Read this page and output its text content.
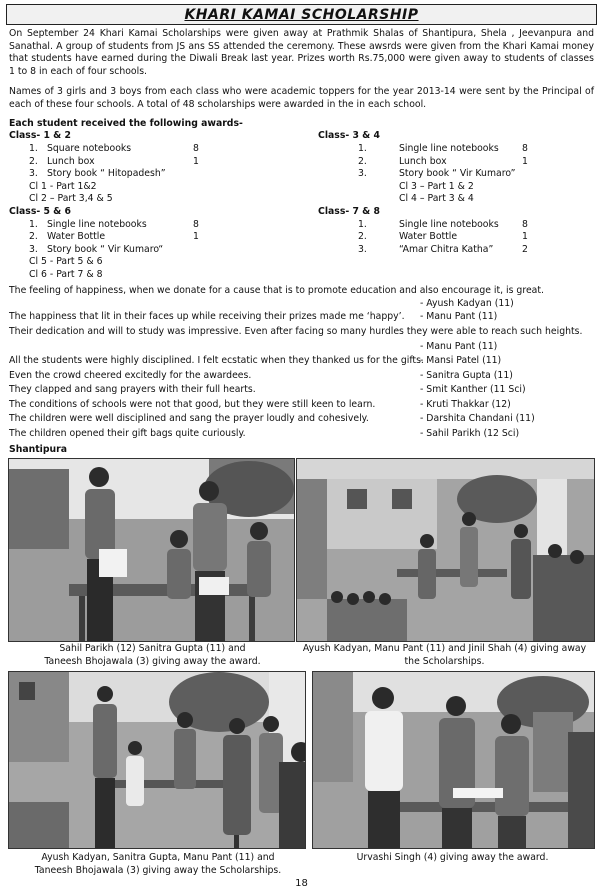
KHARI KAMAI SCHOLARSHIP
On September 24 Khari Kamai Scholarships were given away at Prathmik Shalas of Shantipura, Shela , Jeevanpura and Sanathal. A group of students from JS ans SS attended the ceremony. These awsrds were given from the Khari Kamai money that students have earned during the Diwali Break last year. Prizes worth Rs.75,000 were given away to students of classes 1 to 8 in each of four schools.
Names of 3 girls and 3 boys from each class who were academic toppers for the year 2013-14 were sent by the Principal of each of these four schools. A total of 48 scholarships were awarded in the in each school.
Each student received the following awards-
Class- 1 & 2
1. Square notebooks	8
2. Lunch box	1
3. Story book “ Hitopadesh”
Cl 1 - Part 1&2
Cl 2 – Part 3,4 & 5
Class- 3 & 4
1.	Single line notebooks	8
2.	Lunch box	1
3.	Story book “ Vir Kumaro”
Cl 3 – Part 1 & 2
Cl 4 – Part 3 & 4
Class- 5 & 6
1. Single line notebooks	8
2. Water Bottle	1
3. Story book “ Vir Kumaro“
Cl 5 - Part 5 & 6
Cl 6 - Part 7 & 8
Class- 7 & 8
1.	Single line notebooks	8
2.	Water Bottle	1
3.	“Amar Chitra Katha”	2
The feeling of happiness, when we donate for a cause that is to promote education and also encourage it, is great.
- Ayush Kadyan (11)
The happiness that lit in their faces up while receiving their prizes made me ‘happy’. - Manu Pant (11)
Their dedication and will to study was impressive. Even after facing so many hurdles they were able to reach such heights.
- Manu Pant (11)
All the students were highly disciplined. I felt ecstatic when they thanked us for the gifts.
- Mansi Patel (11)
Even the crowd cheered excitedly for the awardees.	- Sanitra Gupta (11)
They clapped and sang prayers with their full hearts.	- Smit Kanther (11 Sci)
The conditions of schools were not that good, but they were still keen to learn.	- Kruti Thakkar (12)
The children were well disciplined and sang the prayer loudly and cohesively.	- Darshita Chandani (11)
The children opened their gift bags quite curiously.	- Sahil Parikh (12 Sci)
Shantipura
Sahil Parikh (12) Sanitra Gupta (11) and
Taneesh Bhojawala (3) giving away the award.
Ayush Kadyan, Manu Pant (11) and Jinil Shah (4) giving away
the Scholarships.
Ayush Kadyan, Sanitra Gupta, Manu Pant (11) and
Taneesh Bhojawala (3) giving away the Scholarships.
Urvashi Singh (4) giving away the award.
18
